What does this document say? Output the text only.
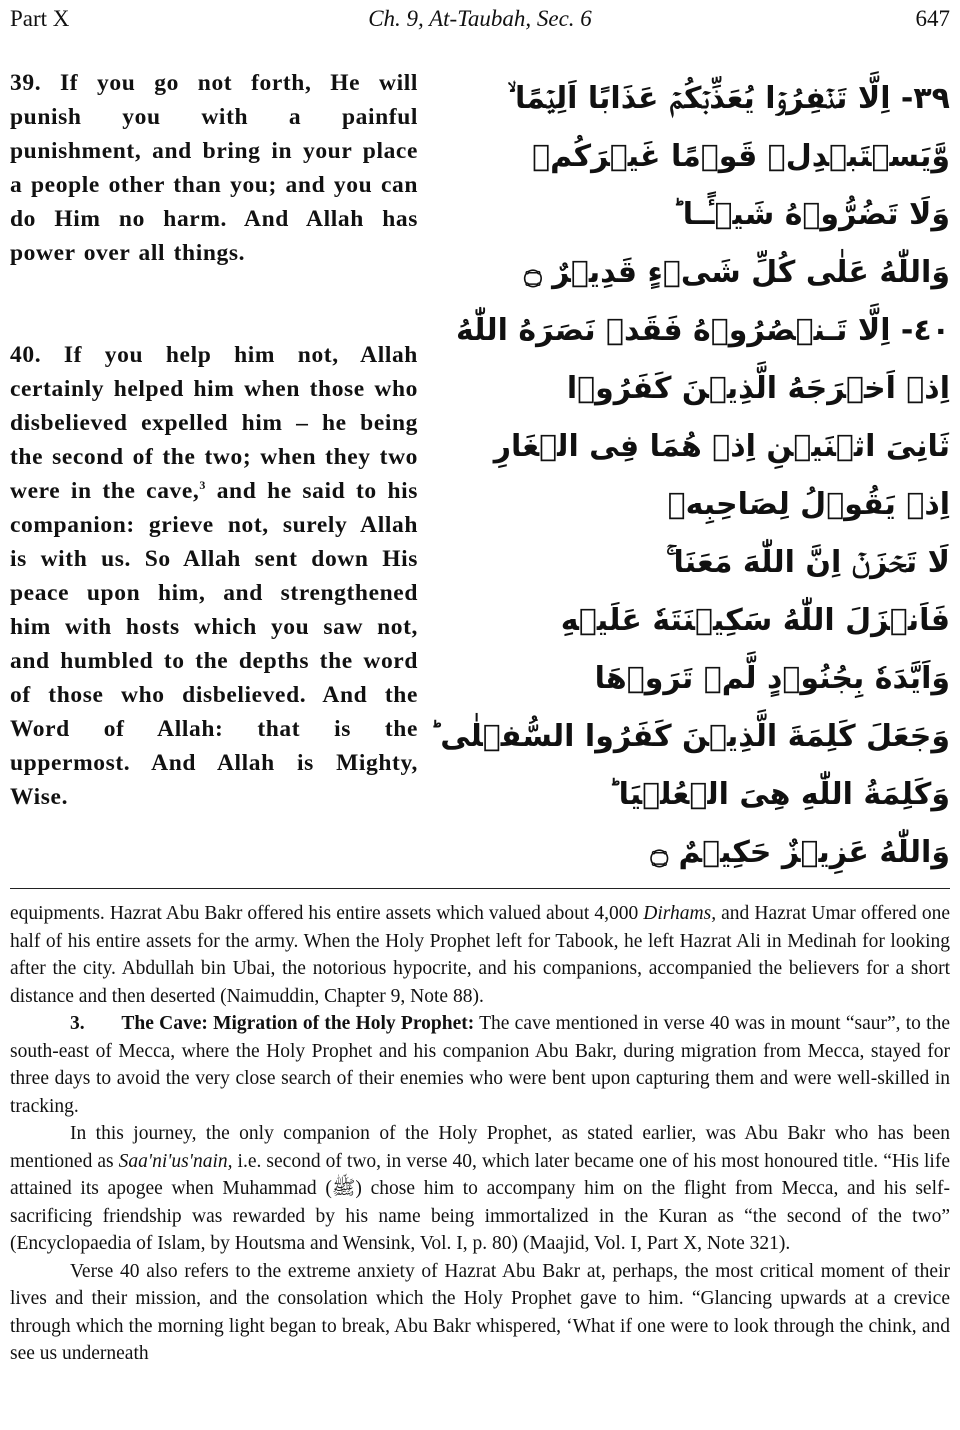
Part X	Ch. 9, At-Taubah, Sec. 6	647
39. If you go not forth, He will punish you with a painful punishment, and bring in your place a people other than you; and you can do Him no harm. And Allah has power over all things.
40. If you help him not, Allah certainly helped him when those who disbelieved expelled him – he being the second of the two; when they two were in the cave,$^3$ and he said to his companion: grieve not, surely Allah is with us. So Allah sent down His peace upon him, and strengthened him with hosts which you saw not, and humbled to the depths the word of those who disbelieved. And the Word of Allah: that is the uppermost. And Allah is Mighty, Wise.
٣٩- اِلَّا تَنۡفِرُوۡا يُعَذِّبۡكُمۡ عَذَابًا اَلِيۡمًا ۙ
وَّيَسۡتَبۡدِلۡ قَوۡمًا غَيۡرَكُمۡ
وَلَا تَضُرُّوۡهُ شَيۡـًٔـا ؕ
وَاللّٰهُ عَلٰى كُلِّ شَىۡءٍ قَدِيۡرٌ ۝
٤٠- اِلَّا تَـنۡصُرُوۡهُ فَقَدۡ نَصَرَهُ اللّٰهُ
اِذۡ اَخۡرَجَهُ الَّذِيۡنَ كَفَرُوۡا
ثَانِىَ اثۡنَيۡنِ اِذۡ هُمَا فِى الۡغَارِ
اِذۡ يَقُوۡلُ لِصَاحِبِهٖ
لَا تَحۡزَنۡ اِنَّ اللّٰهَ مَعَنَا ۚ
فَاَنۡزَلَ اللّٰهُ سَكِيۡنَتَهٗ عَلَيۡهِ
وَاَيَّدَهٗ بِجُنُوۡدٍ لَّمۡ تَرَوۡهَا
وَجَعَلَ كَلِمَةَ الَّذِيۡنَ كَفَرُوا السُّفۡلٰى ؕ
وَكَلِمَةُ اللّٰهِ هِىَ الۡعُلۡيَا ؕ
وَاللّٰهُ عَزِيۡزٌ حَكِيۡمٌ ۝

equipments. Hazrat Abu Bakr offered his entire assets which valued about 4,000 Dirhams, and Hazrat Umar offered one half of his entire assets for the army. When the Holy Prophet left for Tabook, he left Hazrat Ali in Medinah for looking after the city. Abdullah bin Ubai, the notorious hypocrite, and his companions, accompanied the believers for a short distance and then deserted (Naimuddin, Chapter 9, Note 88).

3. The Cave: Migration of the Holy Prophet: The cave mentioned in verse 40 was in mount “saur”, to the south-east of Mecca, where the Holy Prophet and his companion Abu Bakr, during migration from Mecca, stayed for three days to avoid the very close search of their enemies who were bent upon capturing them and were well-skilled in tracking.

In this journey, the only companion of the Holy Prophet, as stated earlier, was Abu Bakr who has been mentioned as Saa'ni'us'nain, i.e. second of two, in verse 40, which later became one of his most honoured title. “His life attained its apogee when Muhammad (ﷺ) chose him to accompany him on the flight from Mecca, and his self-sacrificing friendship was rewarded by his name being immortalized in the Kuran as “the second of the two” (Encyclopaedia of Islam, by Houtsma and Wensink, Vol. I, p. 80) (Maajid, Vol. I, Part X, Note 321).

Verse 40 also refers to the extreme anxiety of Hazrat Abu Bakr at, perhaps, the most critical moment of their lives and their mission, and the consolation which the Holy Prophet gave to him. “Glancing upwards at a crevice through which the morning light began to break, Abu Bakr whispered, ‘What if one were to look through the chink, and see us underneath
